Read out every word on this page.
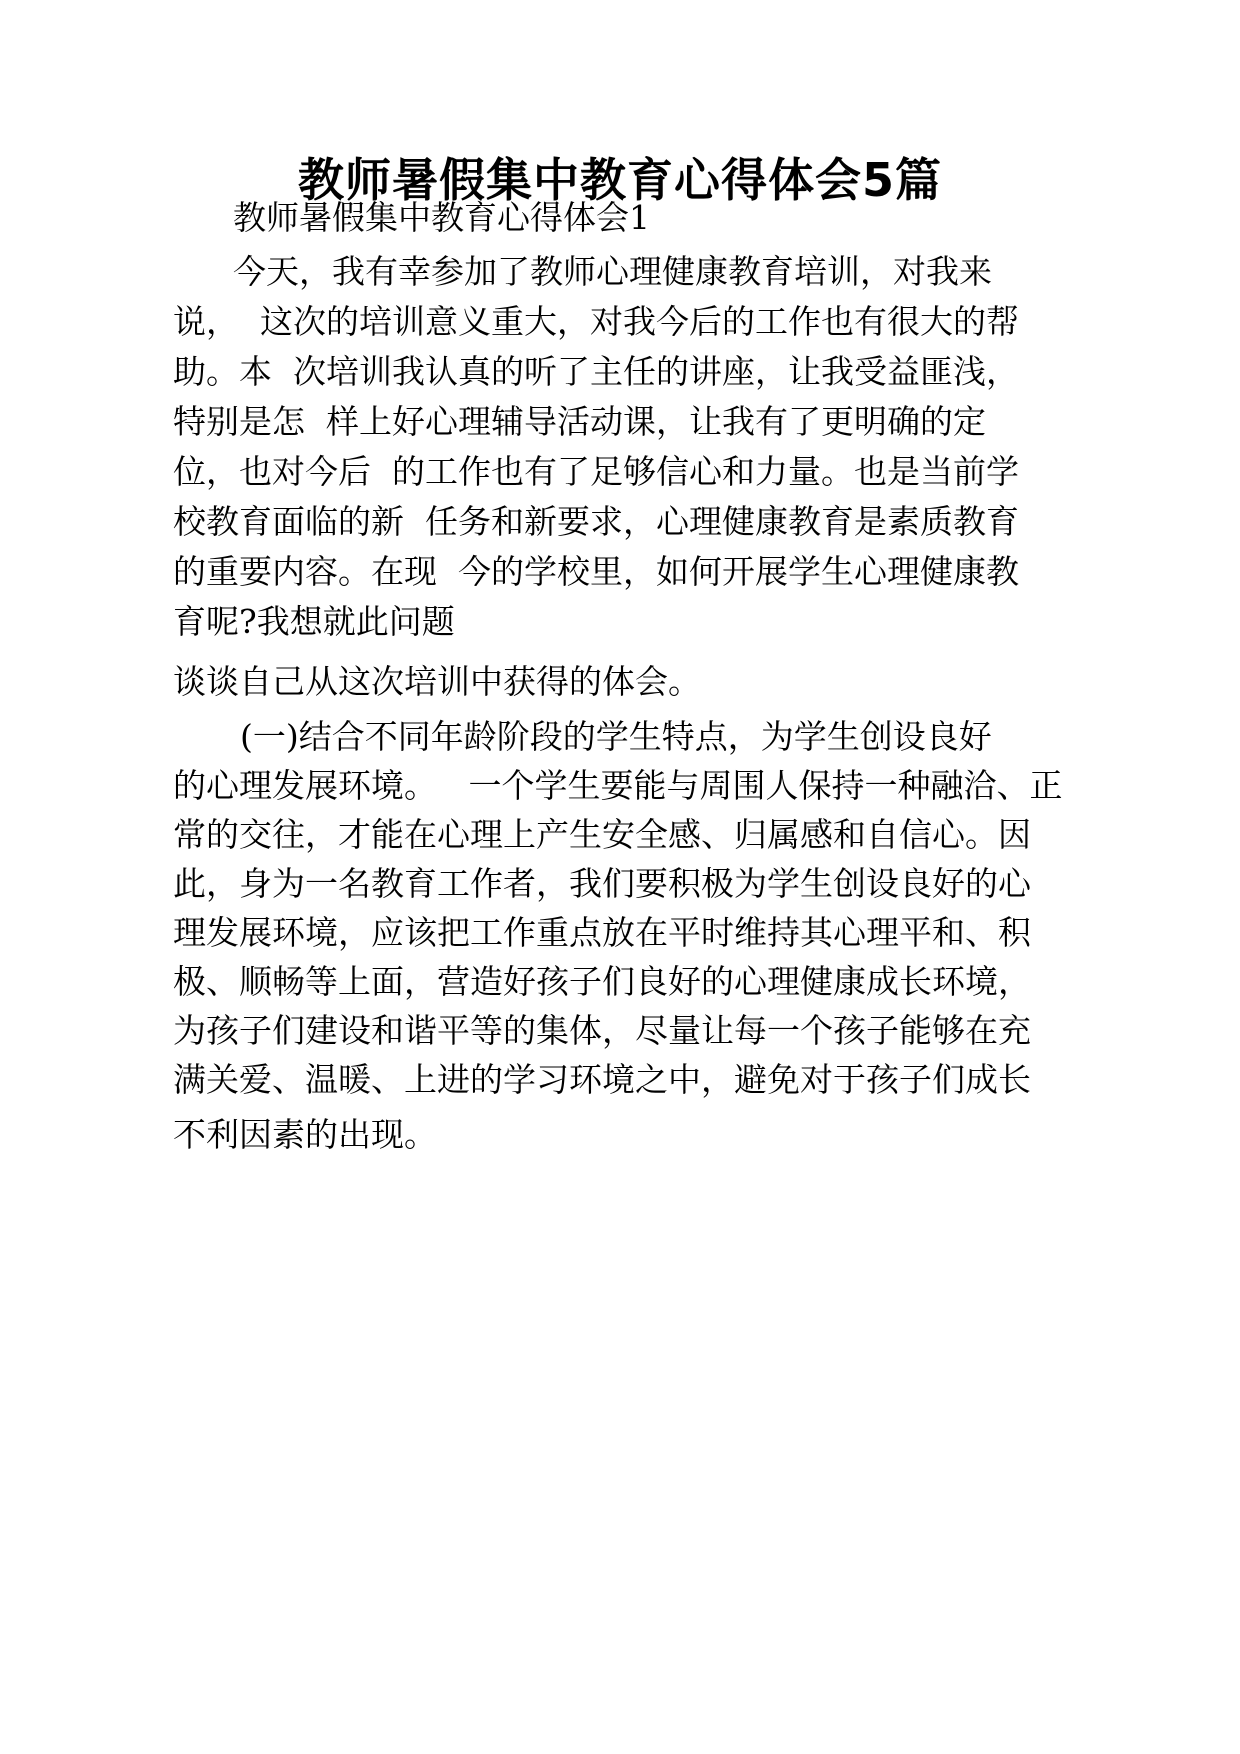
教师暑假集中教育心得体会5篇
教师暑假集中教育心得体会1
今天，我有幸参加了教师心理健康教育培训，对我来
说，  这次的培训意义重大，对我今后的工作也有很大的帮
助。本  次培训我认真的听了主任的讲座，让我受益匪浅，
特别是怎  样上好心理辅导活动课，让我有了更明确的定
位，也对今后  的工作也有了足够信心和力量。也是当前学
校教育面临的新  任务和新要求，心理健康教育是素质教育
的重要内容。在现  今的学校里，如何开展学生心理健康教
育呢?我想就此问题
谈谈自己从这次培训中获得的体会。
(一)结合不同年龄阶段的学生特点，为学生创设良好
的心理发展环境。   一个学生要能与周围人保持一种融洽、正
常的交往，才能在心理上产生安全感、归属感和自信心。因
此，身为一名教育工作者，我们要积极为学生创设良好的心
理发展环境，应该把工作重点放在平时维持其心理平和、积
极、顺畅等上面，营造好孩子们良好的心理健康成长环境，
为孩子们建设和谐平等的集体，尽量让每一个孩子能够在充
满关爱、温暖、上进的学习环境之中，避免对于孩子们成长
不利因素的出现。
